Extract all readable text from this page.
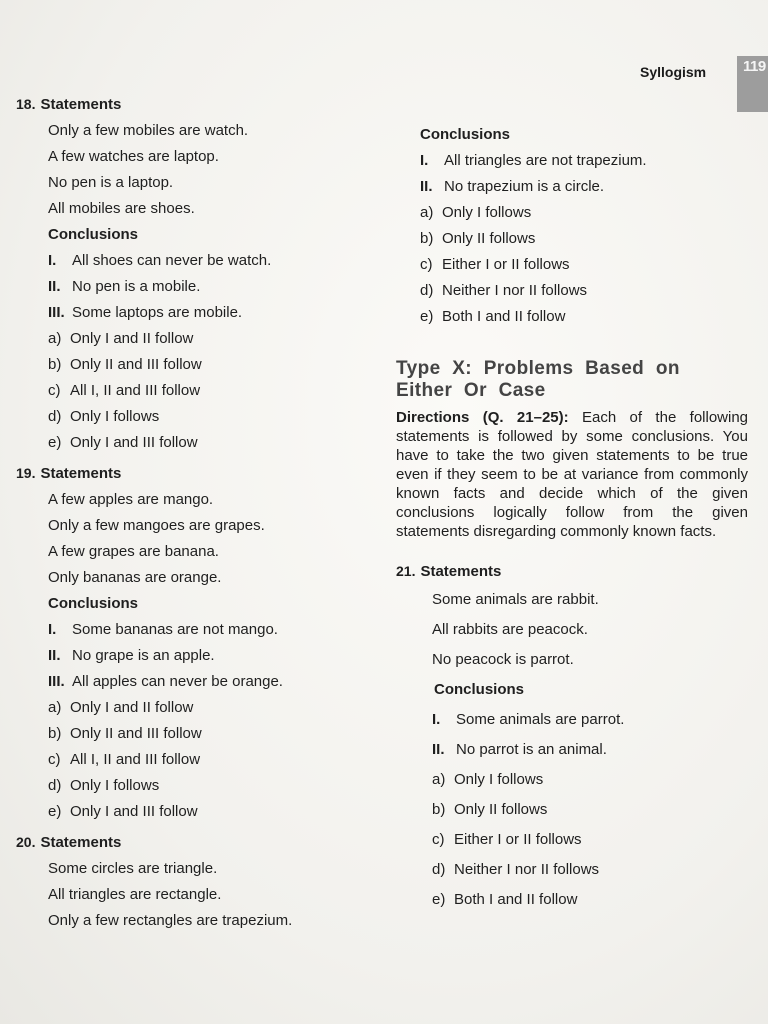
Syllogism 119
18. Statements
Only a few mobiles are watch.
A few watches are laptop.
No pen is a laptop.
All mobiles are shoes.
Conclusions
I. All shoes can never be watch.
II. No pen is a mobile.
III. Some laptops are mobile.
a) Only I and II follow
b) Only II and III follow
c) All I, II and III follow
d) Only I follows
e) Only I and III follow
19. Statements
A few apples are mango.
Only a few mangoes are grapes.
A few grapes are banana.
Only bananas are orange.
Conclusions
I. Some bananas are not mango.
II. No grape is an apple.
III. All apples can never be orange.
a) Only I and II follow
b) Only II and III follow
c) All I, II and III follow
d) Only I follows
e) Only I and III follow
20. Statements
Some circles are triangle.
All triangles are rectangle.
Only a few rectangles are trapezium.
Conclusions
I. All triangles are not trapezium.
II. No trapezium is a circle.
a) Only I follows
b) Only II follows
c) Either I or II follows
d) Neither I nor II follows
e) Both I and II follow
Type X: Problems Based on
Either Or Case
Directions (Q. 21–25): Each of the following statements is followed by some conclusions. You have to take the two given statements to be true even if they seem to be at variance from commonly known facts and decide which of the given conclusions logically follow from the given statements disregarding commonly known facts.
21. Statements
Some animals are rabbit.
All rabbits are peacock.
No peacock is parrot.
Conclusions
I. Some animals are parrot.
II. No parrot is an animal.
a) Only I follows
b) Only II follows
c) Either I or II follows
d) Neither I nor II follows
e) Both I and II follow
